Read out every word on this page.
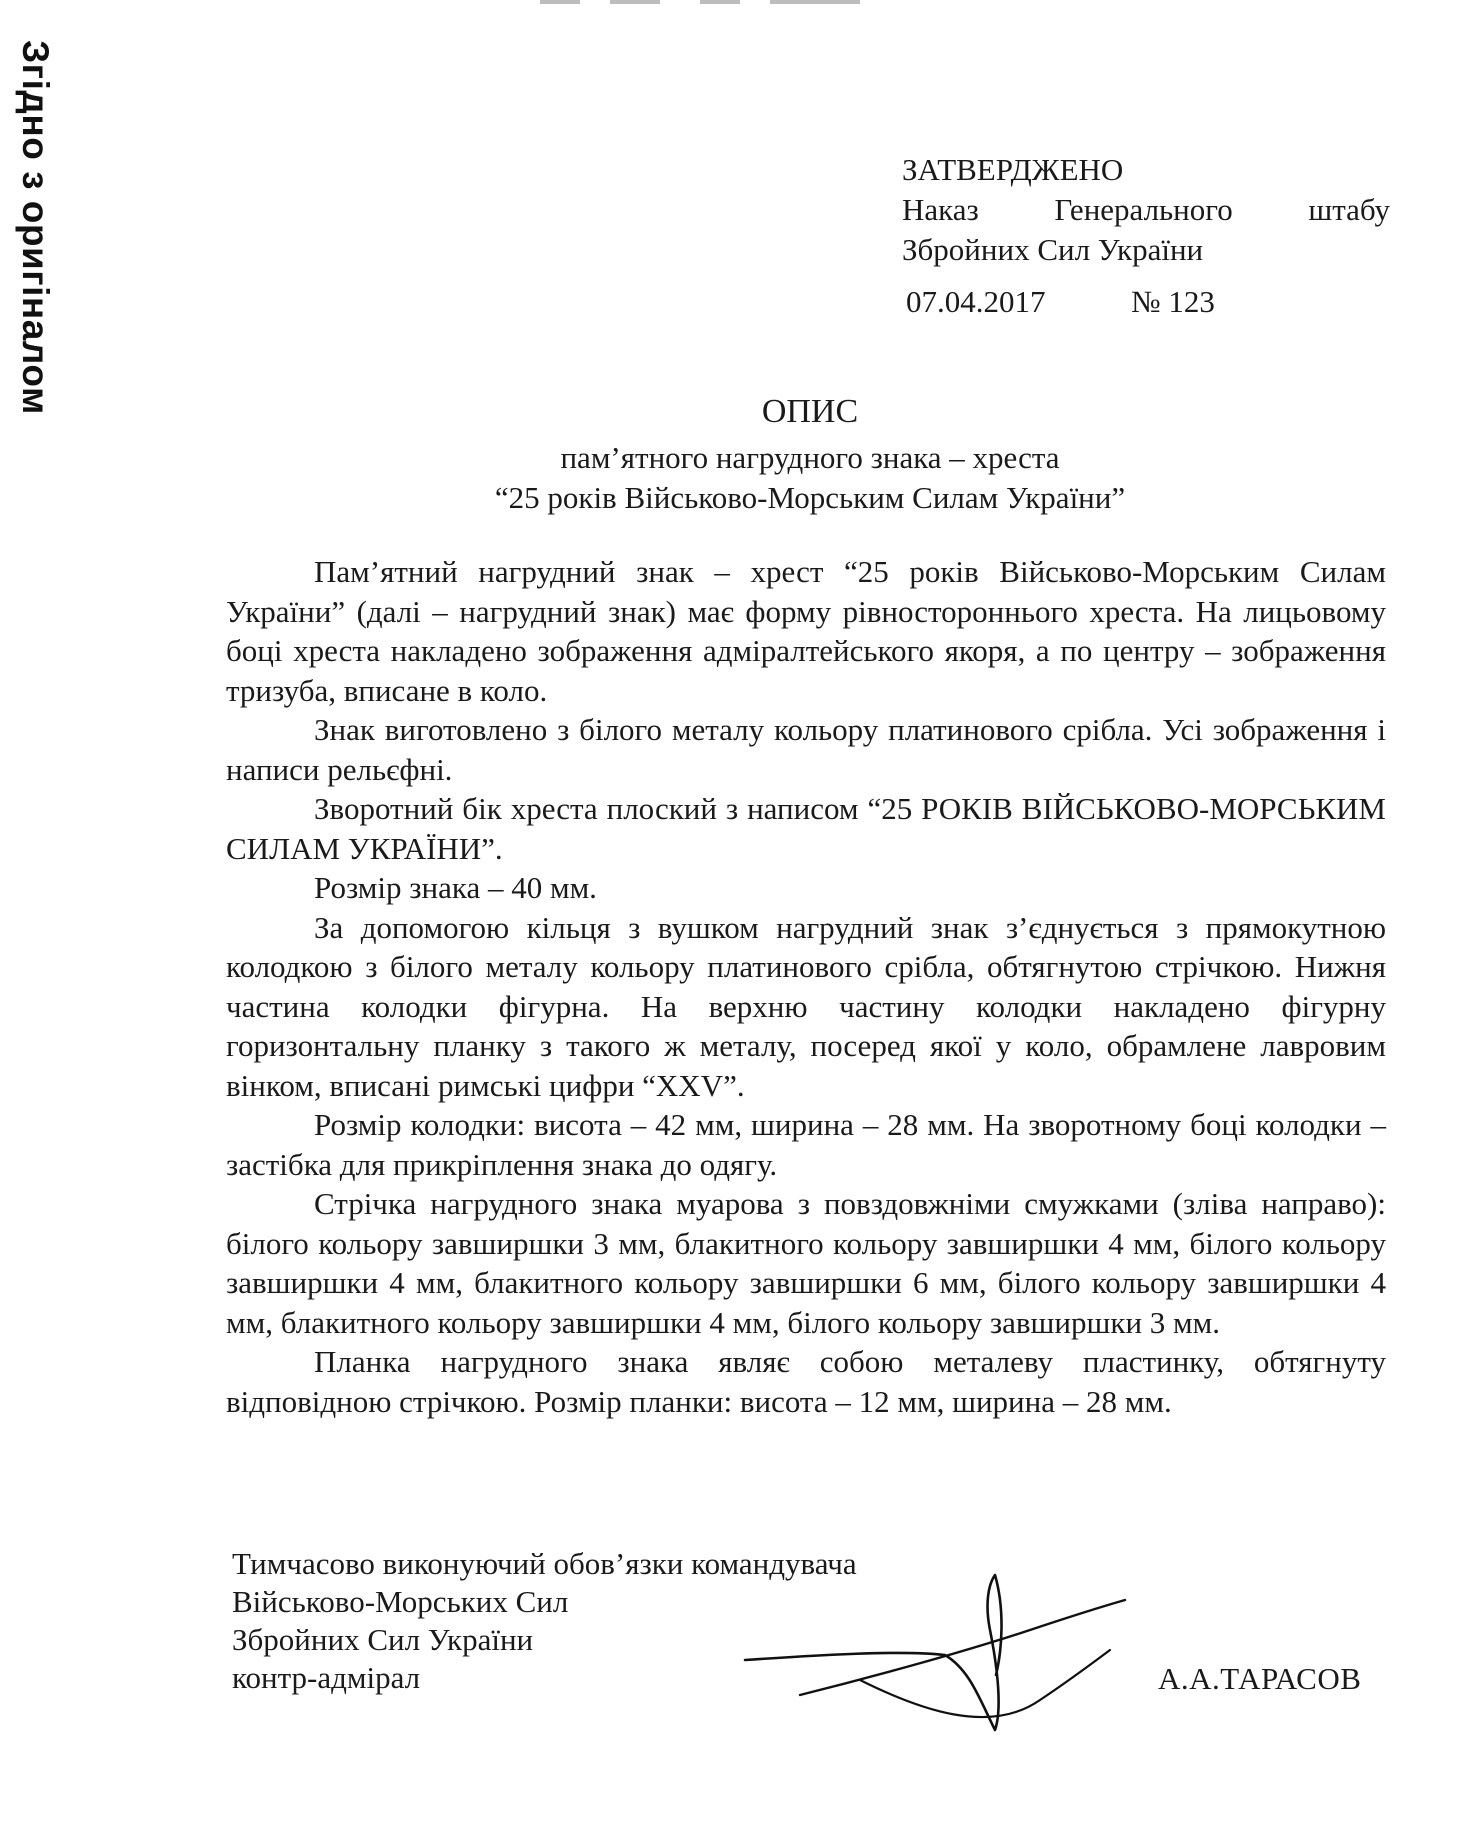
Згідно з оригіналом	ЗАТВЕРДЖЕНО
Наказ Генерального штабу
Збройних Сил України
07.04.2017	№ 123
ОПИС
пам’ятного нагрудного знака – хреста
“25 років Військово-Морським Силам України”

Пам’ятний нагрудний знак – хрест “25 років Військово-Морським Силам України” (далі – нагрудний знак) має форму рівностороннього хреста. На лицьовому боці хреста накладено зображення адміралтейського якоря, а по центру – зображення тризуба, вписане в коло.

Знак виготовлено з білого металу кольору платинового срібла. Усі зображення і написи рельєфні.

Зворотний бік хреста плоский з написом “25 РОКІВ ВІЙСЬКОВО-МОРСЬКИМ СИЛАМ УКРАЇНИ”.

Розмір знака – 40 мм.

За допомогою кільця з вушком нагрудний знак з’єднується з прямокутною колодкою з білого металу кольору платинового срібла, обтягнутою стрічкою. Нижня частина колодки фігурна. На верхню частину колодки накладено фігурну горизонтальну планку з такого ж металу, посеред якої у коло, обрамлене лавровим вінком, вписані римські цифри “XXV”.

Розмір колодки: висота – 42 мм, ширина – 28 мм. На зворотному боці колодки – застібка для прикріплення знака до одягу.

Стрічка нагрудного знака муарова з повздовжніми смужками (зліва направо): білого кольору завширшки 3 мм, блакитного кольору завширшки 4 мм, білого кольору завширшки 4 мм, блакитного кольору завширшки 6 мм, білого кольору завширшки 4 мм, блакитного кольору завширшки 4 мм, білого кольору завширшки 3 мм.

Планка нагрудного знака являє собою металеву пластинку, обтягнуту відповідною стрічкою. Розмір планки: висота – 12 мм, ширина – 28 мм.

Тимчасово виконуючий обов’язки командувача
Військово-Морських Сил
Збройних Сил України
контр-адмірал	А.А.ТАРАСОВ
